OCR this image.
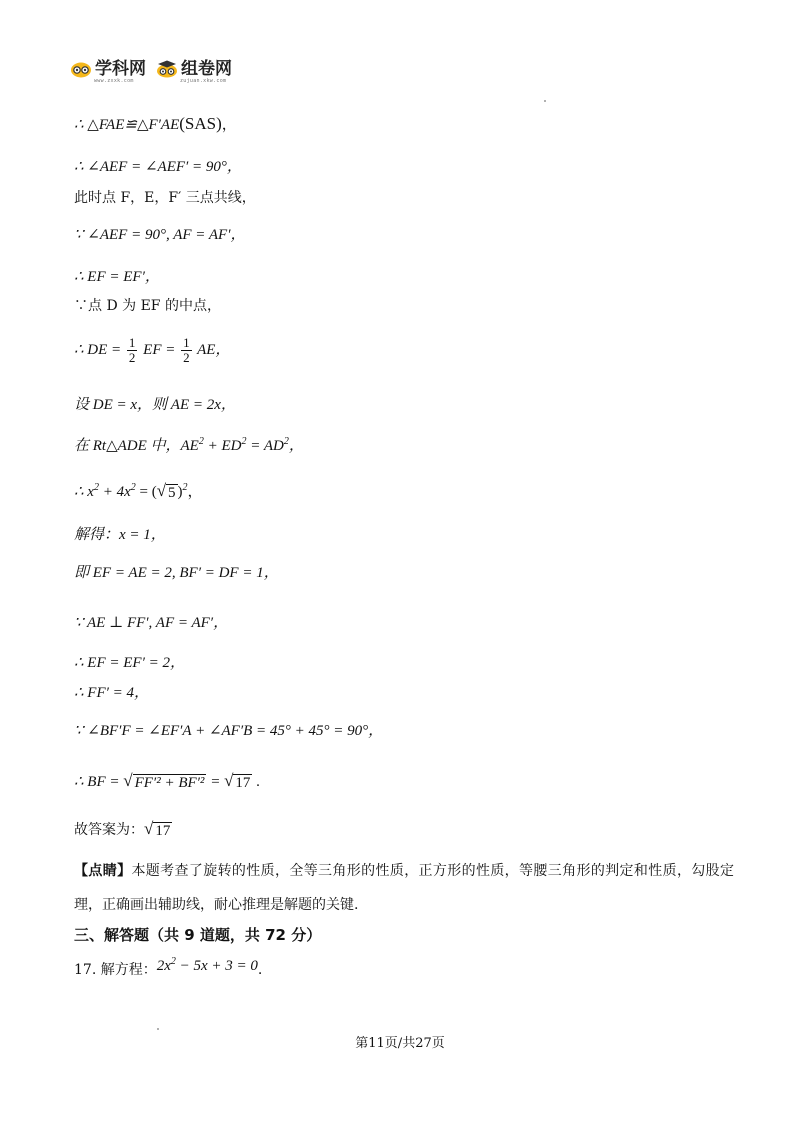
学科网
www.zxxk.com
组卷网
zujuan.xkw.com
∴ △FAE≌△F′AE(SAS)，
∴ ∠AEF = ∠AEF′ = 90°，
此时点 F，E，F′ 三点共线，
∵ ∠AEF = 90°, AF = AF′，
∴ EF = EF′，
∵点 D 为 EF 的中点，
∴ DE = $\frac{1}{2}$ EF = $\frac{1}{2}$ AE，
设 DE = x，则 AE = 2x，
在 Rt△ADE 中，$AE^2 + ED^2 = AD^2$，
∴ $x^2 + 4x^2$ = ( √ 5 )$^2$，
解得：x = 1，
即 EF = AE = 2, BF′ = DF = 1，
∵ AE ⊥ FF′, AF = AF′，
∴ EF = EF′ = 2，
∴ FF′ = 4，
∵ ∠BF′F = ∠EF′A + ∠AF′B = 45° + 45° = 90°，
∴ BF = √ FF′² + BF′² = √ 17 .
故答案为： √ 17
【点睛】本题考查了旋转的性质，全等三角形的性质，正方形的性质，等腰三角形的判定和性质，勾股定理，正确画出辅助线，耐心推理是解题的关键.
三、解答题（共 9 道题，共 72 分）
17. 解方程：$2x^2 - 5x + 3 = 0$.
第11页/共27页
